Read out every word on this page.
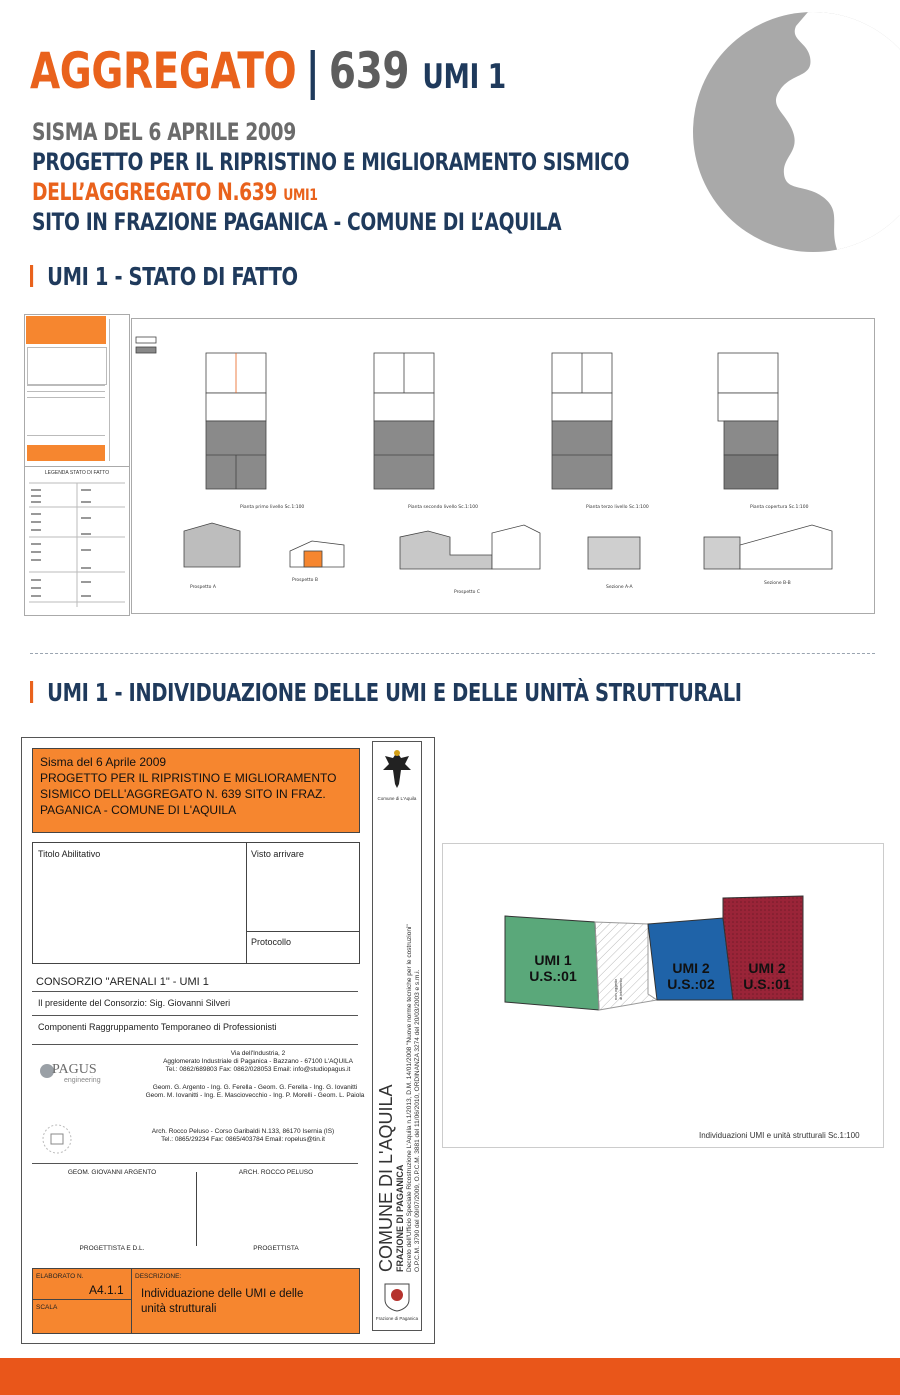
AGGREGATO | 639 UMI 1
SISMA DEL 6 APRILE 2009
PROGETTO PER IL RIPRISTINO E MIGLIORAMENTO SISMICO
DELL’AGGREGATO N.639 UMI1
SITO IN FRAZIONE PAGANICA - COMUNE DI L’AQUILA
UMI 1 - STATO DI FATTO
LEGENDA STATO DI FATTO
Pianta primo livello Sc.1:100	Pianta secondo livello Sc.1:100	Pianta terzo livello Sc.1:100	Pianta copertura Sc.1:100
Prospetto A
Prospetto B
Prospetto C
Sezione A-A
Sezione B-B
UMI 1 - INDIVIDUAZIONE DELLE UMI E DELLE UNITÀ STRUTTURALI
Sisma del 6 Aprile 2009
PROGETTO PER IL RIPRISTINO E MIGLIORAMENTO
SISMICO DELL'AGGREGATO N. 639 SITO IN FRAZ.
PAGANICA - COMUNE DI L'AQUILA
Titolo Abilitativo	Visto arrivare
Protocollo
CONSORZIO "ARENALI 1" - UMI 1
Il presidente del Consorzio: Sig. Giovanni Silveri
Componenti Raggruppamento Temporaneo di Professionisti
PAGUS
engineering
Via dell'Industria, 2
Agglomerato Industriale di Paganica - Bazzano - 67100 L'AQUILA
Tel.: 0862/689803 Fax: 0862/028053 Email: info@studiopagus.it
Geom. G. Argento - Ing. G. Ferella - Geom. G. Ferella - Ing. G. Iovanitti
Geom. M. Iovanitti - Ing. E. Masciovecchio - Ing. P. Morelli - Geom. L. Paiola
Arch. Rocco Peluso - Corso Garibaldi N.133, 86170 Isernia (IS)
Tel.: 0865/29234 Fax: 0865/403784 Email: ropelus@tin.it
GEOM. GIOVANNI ARGENTO	ARCH. ROCCO PELUSO
PROGETTISTA E D.L.	PROGETTISTA
ELABORATO N.
A4.1.1
SCALA
DESCRIZIONE:
Individuazione delle UMI e delle
unità strutturali
Comune di L'Aquila
COMUNE DI L'AQUILA FRAZIONE DI PAGANICA Decreto dell'Ufficio Speciale Ricostruzione L'Aquila n.1/2013, D.M. 14/01/2008 "Nuove norme tecniche per le costruzioni" O.P.C.M. 3790 del 09/07/2009, O.P.C.M. 3881 del 11/06/2010, ORDINANZA 3274 del 20/03/2003 e s.m.i.
Frazione di Paganica
UMI 1
U.S.:01	UMI 2
U.S.:02
UMI 2
U.S.:01
non oggetto di intervento
Individuazioni UMI e unità strutturali Sc.1:100
